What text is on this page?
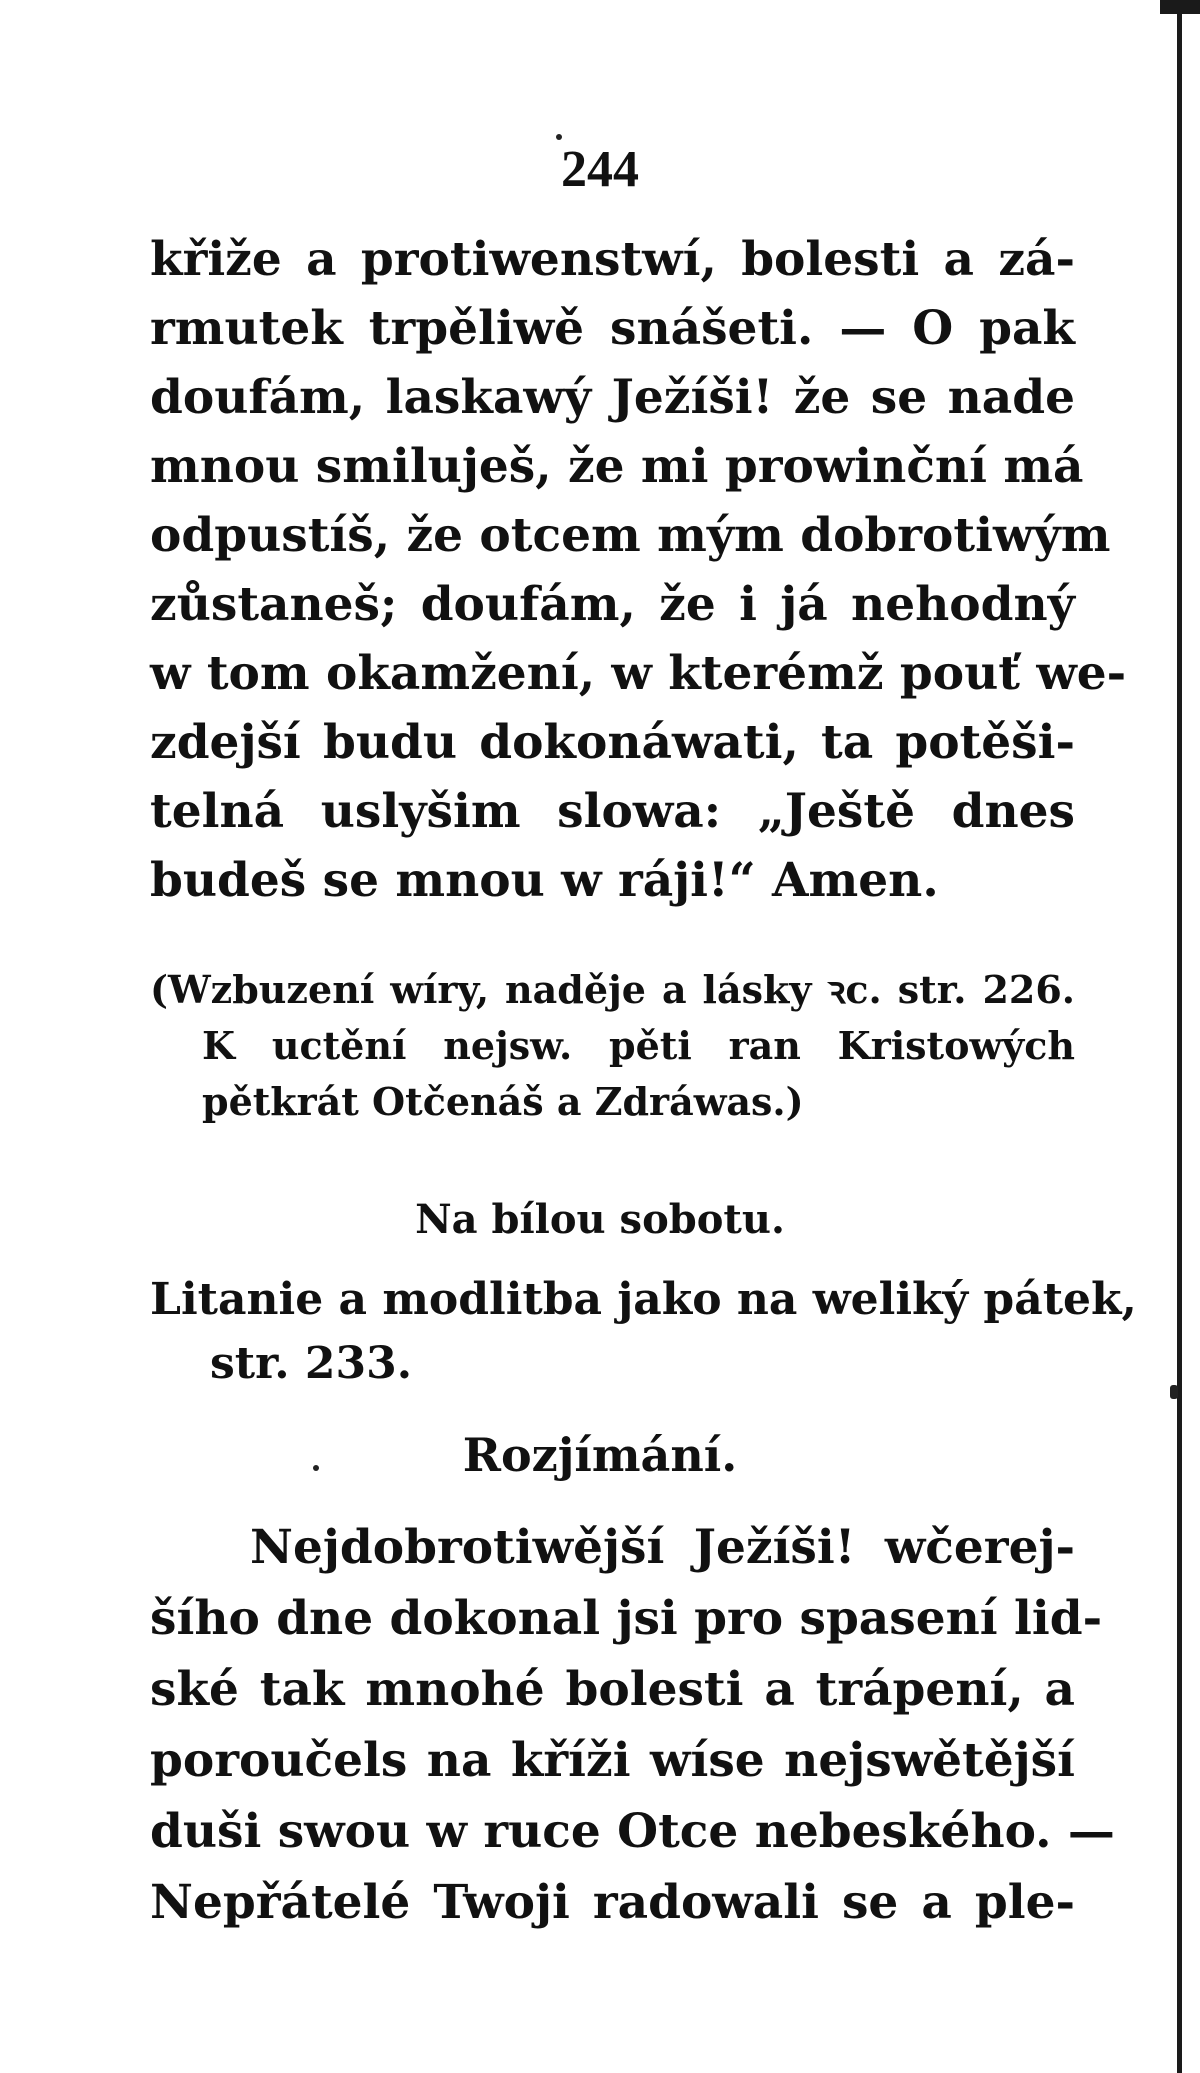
244
křiže a protiwenstwí, bolesti a zá-
rmutek trpěliwě snášeti. — O pak
doufám, laskawý Ježíši! že se nade
mnou smiluješ, že mi prowinční má
odpustíš, že otcem mým dobrotiwým
zůstaneš; doufám, že i já nehodný
w tom okamžení, w kterémž pouť we-
zdejší budu dokonáwati, ta potěši-
telná uslyšim slowa: „Ještě dnes
budeš se mnou w ráji!“ Amen.
(Wzbuzení wíry, naděje a lásky ꝛc. str. 226.
K uctění nejsw. pěti ran Kristowých
pětkrát Otčenáš a Zdráwas.)
Na bílou sobotu.
Litanie a modlitba jako na weliký pátek,
str. 233.
Rozjímání.
Nejdobrotiwější Ježíši! wčerej-
šího dne dokonal jsi pro spasení lid-
ské tak mnohé bolesti a trápení, a
poroučels na kříži wíse nejswětější
duši swou w ruce Otce nebeského. —
Nepřátelé Twoji radowali se a ple-
